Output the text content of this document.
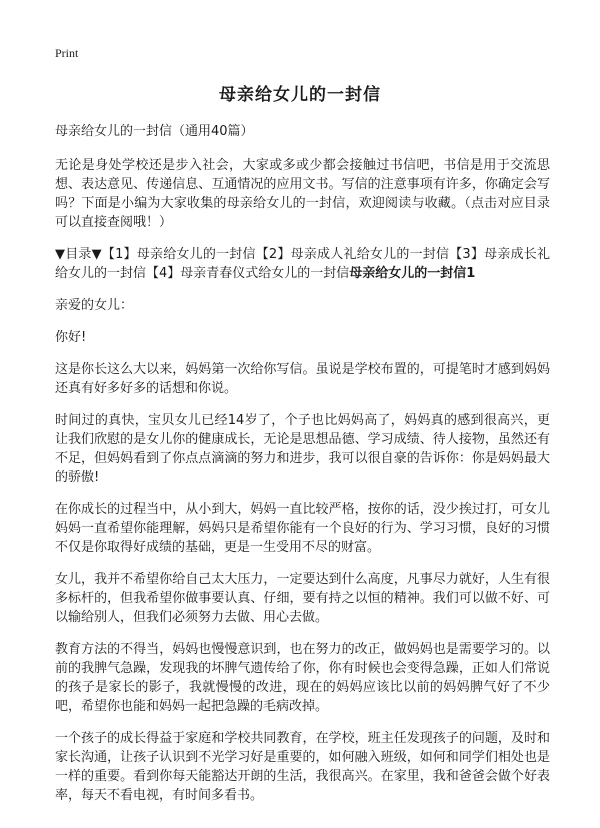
Print
母亲给女儿的一封信

母亲给女儿的一封信（通用40篇）

无论是身处学校还是步入社会，大家或多或少都会接触过书信吧，书信是用于交流思想、表达意见、传递信息、互通情况的应用文书。写信的注意事项有许多，你确定会写吗？下面是小编为大家收集的母亲给女儿的一封信，欢迎阅读与收藏。（点击对应目录可以直接查阅哦！）

▼目录▼【1】母亲给女儿的一封信【2】母亲成人礼给女儿的一封信【3】母亲成长礼给女儿的一封信【4】母亲青春仪式给女儿的一封信母亲给女儿的一封信1

亲爱的女儿：

你好!

这是你长这么大以来，妈妈第一次给你写信。虽说是学校布置的，可提笔时才感到妈妈还真有好多好多的话想和你说。

时间过的真快，宝贝女儿已经14岁了，个子也比妈妈高了，妈妈真的感到很高兴，更让我们欣慰的是女儿你的健康成长，无论是思想品德、学习成绩、待人接物，虽然还有不足，但妈妈看到了你点点滴滴的努力和进步，我可以很自豪的告诉你：你是妈妈最大的骄傲!

在你成长的过程当中，从小到大，妈妈一直比较严格，按你的话，没少挨过打，可女儿妈妈一直希望你能理解，妈妈只是希望你能有一个良好的行为、学习习惯，良好的习惯不仅是你取得好成绩的基础，更是一生受用不尽的财富。

女儿，我并不希望你给自己太大压力，一定要达到什么高度，凡事尽力就好，人生有很多标杆的，但我希望你做事要认真、仔细，要有持之以恒的精神。我们可以做不好、可以输给别人，但我们必须努力去做、用心去做。

教育方法的不得当，妈妈也慢慢意识到，也在努力的改正，做妈妈也是需要学习的。以前的我脾气急躁，发现我的坏脾气遗传给了你，你有时候也会变得急躁，正如人们常说的孩子是家长的影子，我就慢慢的改进，现在的妈妈应该比以前的妈妈脾气好了不少吧，希望你也能和妈妈一起把急躁的毛病改掉。

一个孩子的成长得益于家庭和学校共同教育，在学校，班主任发现孩子的问题，及时和家长沟通，让孩子认识到不光学习好是重要的，如何融入班级，如何和同学们相处也是一样的重要。看到你每天能豁达开朗的生活，我很高兴。在家里，我和爸爸会做个好表率，每天不看电视，有时间多看书。
